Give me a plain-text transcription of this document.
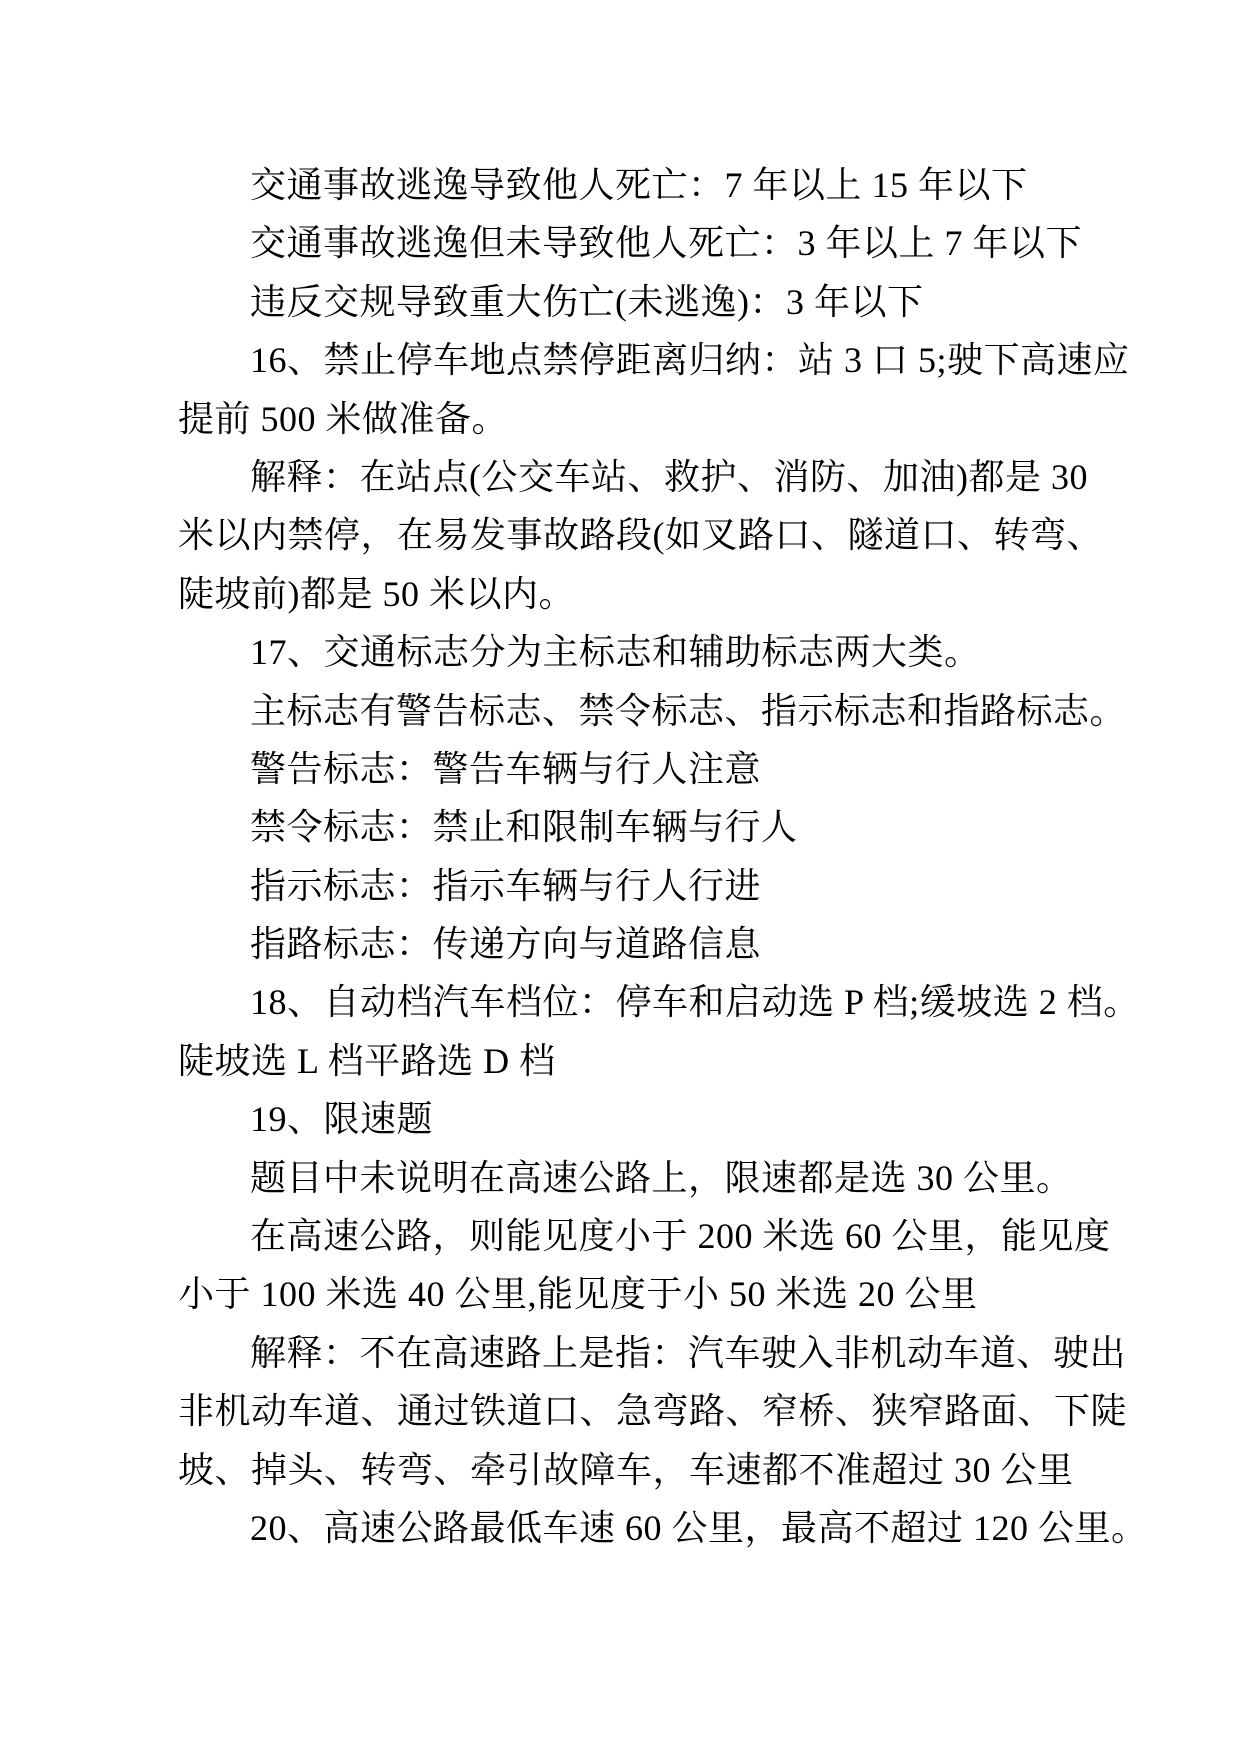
交通事故逃逸导致他人死亡：7 年以上 15 年以下
交通事故逃逸但未导致他人死亡：3 年以上 7 年以下
违反交规导致重大伤亡(未逃逸)：3 年以下
16、禁止停车地点禁停距离归纳：站 3 口 5;驶下高速应
提前 500 米做准备。
解释：在站点(公交车站、救护、消防、加油)都是 30
米以内禁停，在易发事故路段(如叉路口、隧道口、转弯、
陡坡前)都是 50 米以内。
17、交通标志分为主标志和辅助标志两大类。
主标志有警告标志、禁令标志、指示标志和指路标志。
警告标志：警告车辆与行人注意
禁令标志：禁止和限制车辆与行人
指示标志：指示车辆与行人行进
指路标志：传递方向与道路信息
18、自动档汽车档位：停车和启动选 P 档;缓坡选 2 档。
陡坡选 L 档平路选 D 档
19、限速题
题目中未说明在高速公路上，限速都是选 30 公里。
在高速公路，则能见度小于 200 米选 60 公里，能见度
小于 100 米选 40 公里,能见度于小 50 米选 20 公里
解释：不在高速路上是指：汽车驶入非机动车道、驶出
非机动车道、通过铁道口、急弯路、窄桥、狭窄路面、下陡
坡、掉头、转弯、牵引故障车，车速都不准超过 30 公里
20、高速公路最低车速 60 公里，最高不超过 120 公里。
